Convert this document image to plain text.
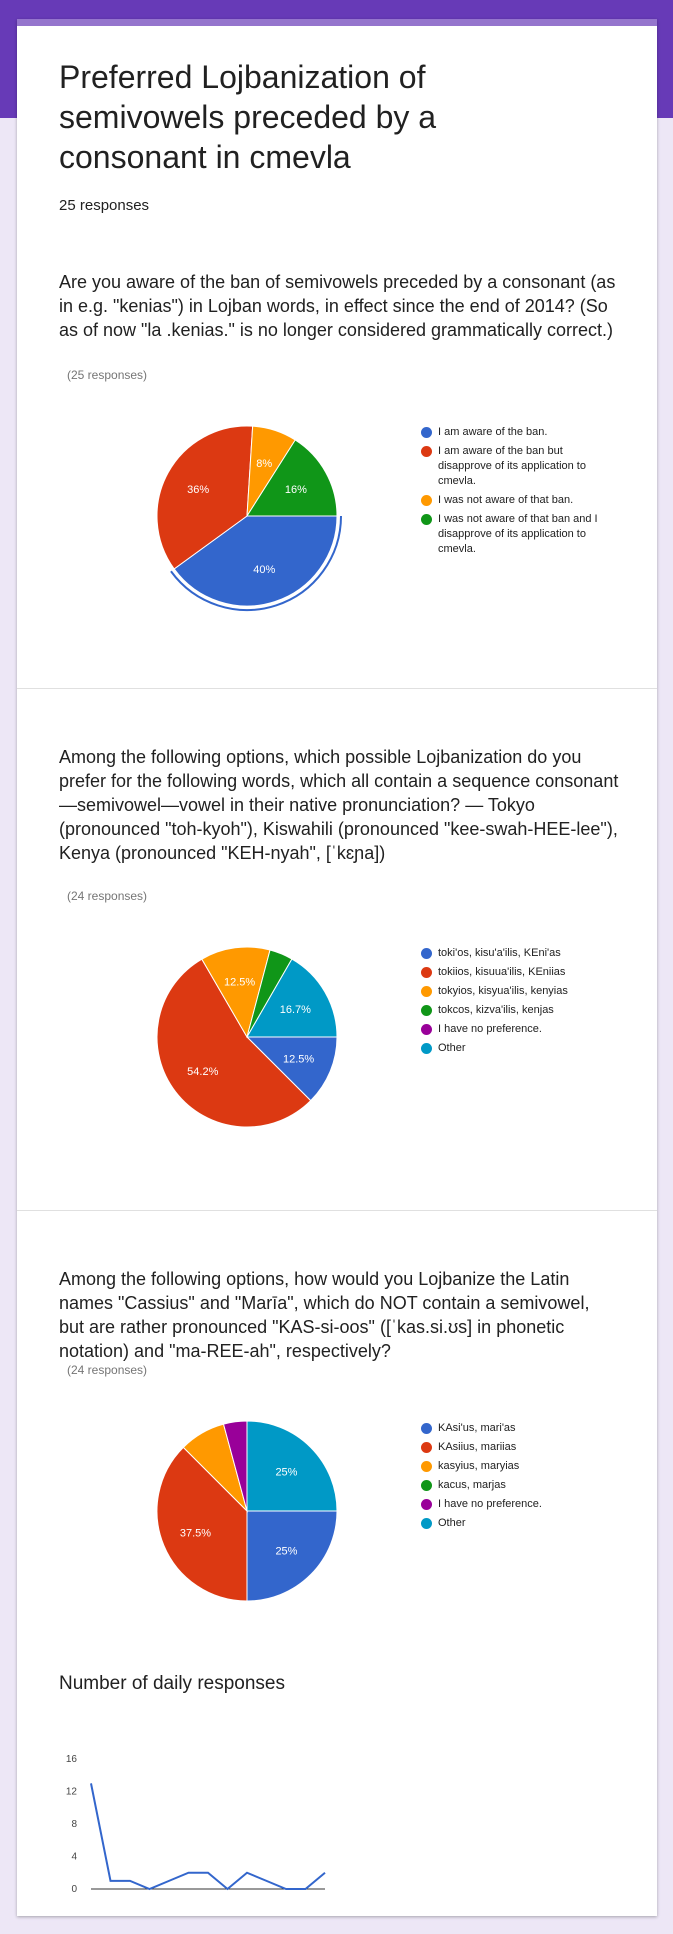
Preferred Lojbanization of semivowels preceded by a consonant in cmevla
25 responses
Are you aware of the ban of semivowels preceded by a consonant (as in e.g. "kenias") in Lojban words, in effect since the end of 2014? (So as of now "la .kenias." is no longer considered grammatically correct.)
(25 responses)
40%
36%
8%
16%
I am aware of the ban.
I am aware of the ban but disapprove of its application to cmevla.
I was not aware of that ban.
I was not aware of that ban and I disapprove of its application to cmevla.
Among the following options, which possible Lojbanization do you prefer for the following words, which all contain a sequence consonant—semivowel—vowel in their native pronunciation? — Tokyo (pronounced "toh-kyoh"), Kiswahili (pronounced "kee-swah-HEE-lee"), Kenya (pronounced "KEH-nyah", [ˈkɛɲa])
(24 responses)
12.5%
54.2%
12.5%
16.7%
toki'os, kisu'a'ilis, KEni'as
tokiios, kisuua'ilis, KEniias
tokyios, kisyua'ilis, kenyias
tokcos, kizva'ilis, kenjas
I have no preference.
Other
Among the following options, how would you Lojbanize the Latin names "Cassius" and "Marīa", which do NOT contain a semivowel, but are rather pronounced "KAS-si-oos" ([ˈkas.si.ʊs] in phonetic notation) and "ma-REE-ah", respectively?
(24 responses)
25%
37.5%
25%
KAsi'us, mari'as
KAsiius, mariias
kasyius, maryias
kacus, marjas
I have no preference.
Other
Number of daily responses
0
4
8
12
16
